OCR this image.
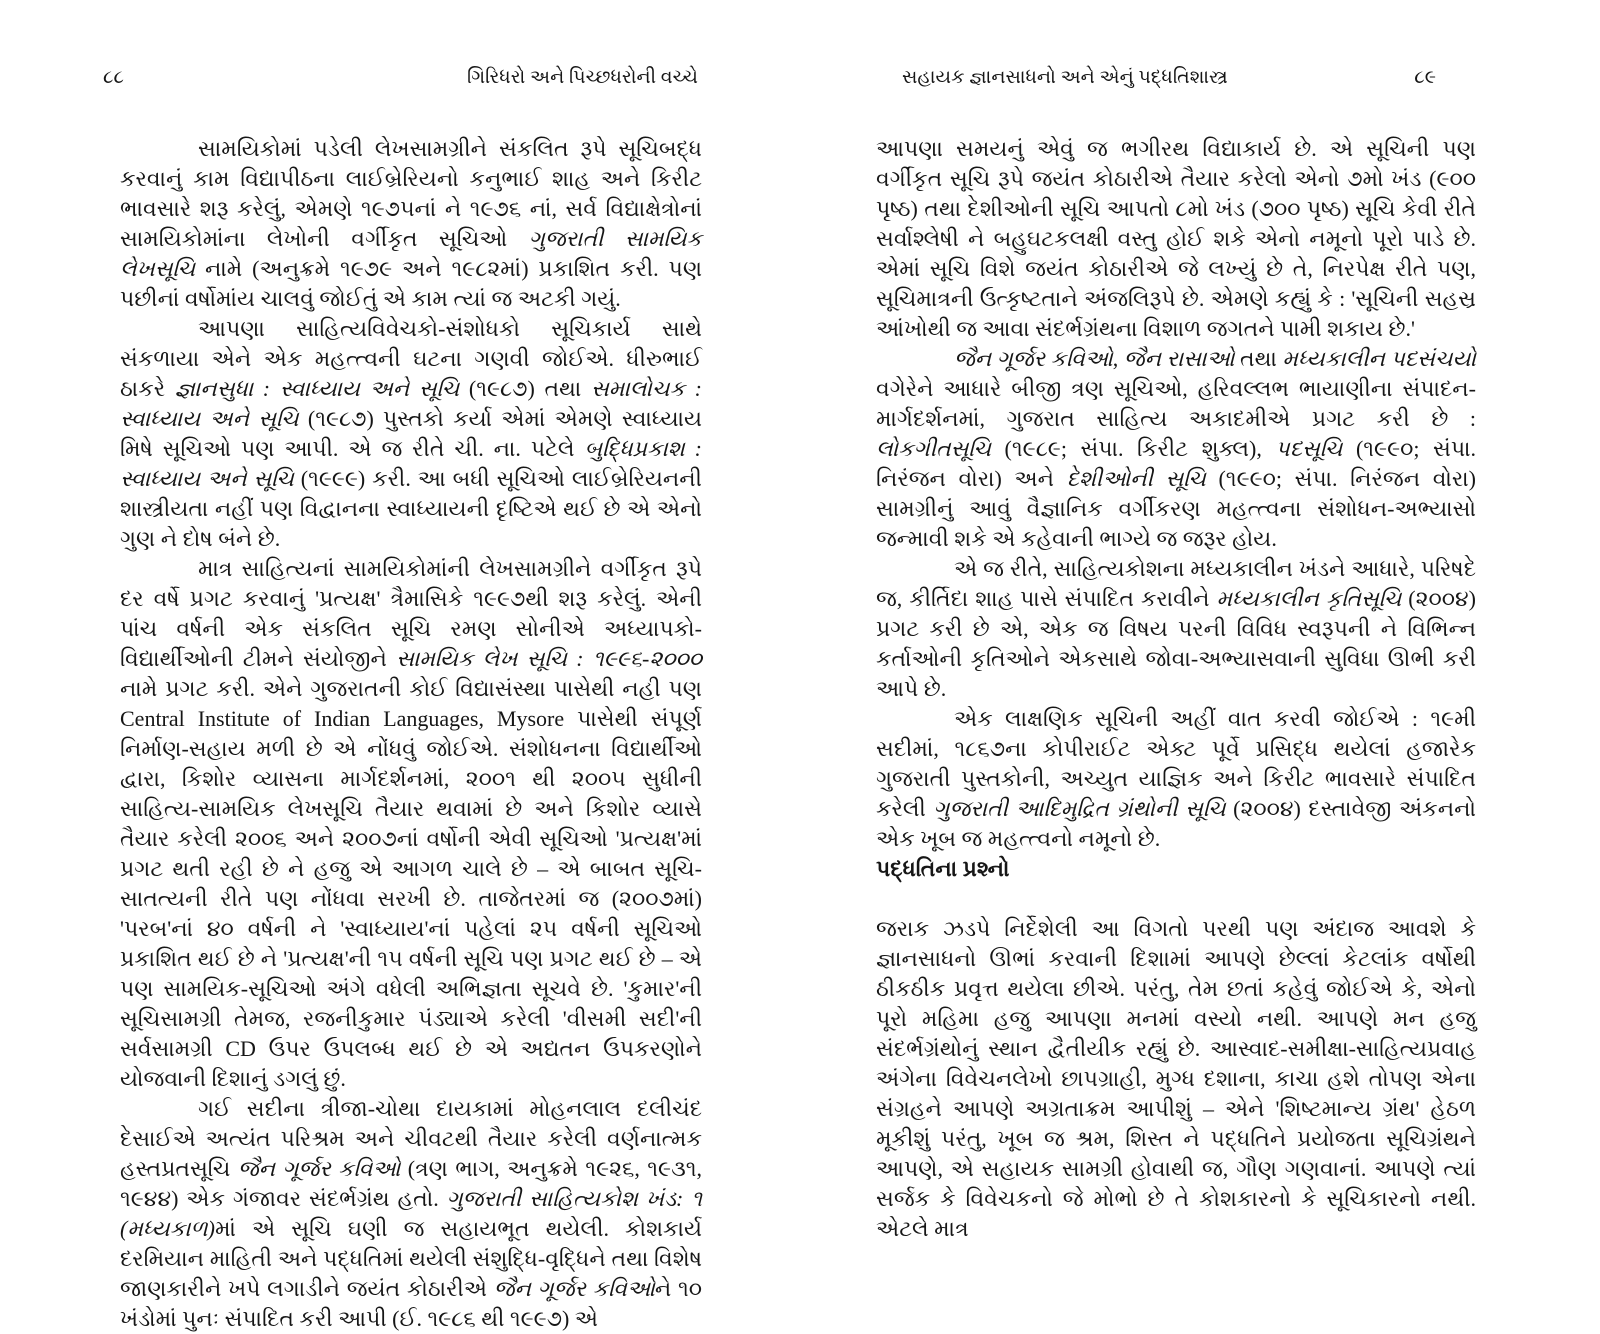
૮૮	ગિરિધરો અને પિચ્છધરોની વચ્ચે

સામયિકોમાં પડેલી લેખસામગ્રીને સંકલિત રૂપે સૂચિબદ્ધ કરવાનું કામ વિદ્યાપીઠના લાઈબ્રેરિયનો કનુભાઈ શાહ અને કિરીટ ભાવસારે શરૂ કરેલું, એમણે ૧૯૭૫નાં ને ૧૯૭૬ નાં, સર્વ વિદ્યાક્ષેત્રોનાં સામયિકોમાંના લેખોની વર્ગીકૃત સૂચિઓ ગુજરાતી સામયિક લેખસૂચિ નામે (અનુક્રમે ૧૯૭૯ અને ૧૯૮૨માં) પ્રકાશિત કરી. પણ પછીનાં વર્ષોમાંય ચાલવું જોઈતું એ કામ ત્યાં જ અટકી ગયું.

આપણા સાહિત્યવિવેચકો-સંશોધકો સૂચિકાર્ય સાથે સંકળાયા એને એક મહત્ત્વની ઘટના ગણવી જોઈએ. ધીરુભાઈ ઠાકરે જ્ઞાનસુધા : સ્વાધ્યાય અને સૂચિ (૧૯૮૭) તથા સમાલોચક : સ્વાધ્યાય અને સૂચિ (૧૯૮૭) પુસ્તકો કર્યા એમાં એમણે સ્વાધ્યાય મિષે સૂચિઓ પણ આપી. એ જ રીતે ચી. ના. પટેલે બુદ્ધિપ્રકાશ : સ્વાધ્યાય અને સૂચિ (૧૯૯૯) કરી. આ બધી સૂચિઓ લાઈબ્રેરિયનની શાસ્ત્રીયતા નહીં પણ વિદ્વાનના સ્વાધ્યાયની દૃષ્ટિએ થઈ છે એ એનો ગુણ ને દોષ બંને છે.

માત્ર સાહિત્યનાં સામયિકોમાંની લેખસામગ્રીને વર્ગીકૃત રૂપે દર વર્ષે પ્રગટ કરવાનું 'પ્રત્યક્ષ' ત્રૈમાસિકે ૧૯૯૭થી શરૂ કરેલું. એની પાંચ વર્ષની એક સંકલિત સૂચિ રમણ સોનીએ અધ્યાપકો-વિદ્યાર્થીઓની ટીમને સંયોજીને સામયિક લેખ સૂચિ : ૧૯૯૬-૨૦૦૦ નામે પ્રગટ કરી. એને ગુજરાતની કોઈ વિદ્યાસંસ્થા પાસેથી નહી પણ Central Institute of Indian Languages, Mysore પાસેથી સંપૂર્ણ નિર્માણ-સહાય મળી છે એ નોંધવું જોઈએ. સંશોધનના વિદ્યાર્થીઓ દ્વારા, કિશોર વ્યાસના માર્ગદર્શનમાં, ૨૦૦૧ થી ૨૦૦૫ સુધીની સાહિત્ય-સામયિક લેખસૂચિ તૈયાર થવામાં છે અને કિશોર વ્યાસે તૈયાર કરેલી ૨૦૦૬ અને ૨૦૦૭નાં વર્ષોની એવી સૂચિઓ 'પ્રત્યક્ષ'માં પ્રગટ થતી રહી છે ને હજુ એ આગળ ચાલે છે – એ બાબત સૂચિ-સાતત્યની રીતે પણ નોંધવા સરખી છે. તાજેતરમાં જ (૨૦૦૭માં) 'પરબ'નાં ૪૦ વર્ષની ને 'સ્વાધ્યાય'નાં પહેલાં ૨૫ વર્ષની સૂચિઓ પ્રકાશિત થઈ છે ને 'પ્રત્યક્ષ'ની ૧૫ વર્ષની સૂચિ પણ પ્રગટ થઈ છે – એ પણ સામયિક-સૂચિઓ અંગે વધેલી અભિજ્ઞતા સૂચવે છે. 'કુમાર'ની સૂચિસામગ્રી તેમજ, રજનીકુમાર પંડ્યાએ કરેલી 'વીસમી સદી'ની સર્વસામગ્રી CD ઉપર ઉપલબ્ધ થઈ છે એ અદ્યતન ઉપકરણોને યોજવાની દિશાનું ડગલું છું.

ગઈ સદીના ત્રીજા-ચોથા દાયકામાં મોહનલાલ દલીચંદ દેસાઈએ અત્યંત પરિશ્રમ અને ચીવટથી તૈયાર કરેલી વર્ણનાત્મક હસ્તપ્રતસૂચિ જૈન ગૂર્જર કવિઓ (ત્રણ ભાગ, અનુક્રમે ૧૯૨૬, ૧૯૩૧, ૧૯૪૪) એક ગંજાવર સંદર્ભગ્રંથ હતો. ગુજરાતી સાહિત્યકોશ ખંડ: ૧ (મધ્યકાળ)માં એ સૂચિ ઘણી જ સહાયભૂત થયેલી. કોશકાર્ય દરમિયાન માહિતી અને પદ્ધતિમાં થયેલી સંશુદ્ધિ-વૃદ્ધિને તથા વિશેષ જાણકારીને ખપે લગાડીને જયંત કોઠારીએ જૈન ગૂર્જર કવિઓને ૧૦ ખંડોમાં પુનઃ સંપાદિત કરી આપી (ઈ. ૧૯૮૬ થી ૧૯૯૭) એ

સહાયક જ્ઞાનસાધનો અને એનું પદ્ધતિશાસ્ત્ર	૮૯

આપણા સમયનું એવું જ ભગીરથ વિદ્યાકાર્ય છે. એ સૂચિની પણ વર્ગીકૃત સૂચિ રૂપે જયંત કોઠારીએ તૈયાર કરેલો એનો ૭મો ખંડ (૯૦૦ પૃષ્ઠ) તથા દેશીઓની સૂચિ આપતો ૮મો ખંડ (૭૦૦ પૃષ્ઠ) સૂચિ કેવી રીતે સર્વાશ્લેષી ને બહુઘટકલક્ષી વસ્તુ હોઈ શકે એનો નમૂનો પૂરો પાડે છે. એમાં સૂચિ વિશે જયંત કોઠારીએ જે લખ્યું છે તે, નિરપેક્ષ રીતે પણ, સૂચિમાત્રની ઉત્કૃષ્ટતાને અંજલિરૂપે છે. એમણે કહ્યું કે : 'સૂચિની સહસ્ર આંખોથી જ આવા સંદર્ભગ્રંથના વિશાળ જગતને પામી શકાય છે.'

જૈન ગૂર્જર કવિઓ, જૈન રાસાઓ તથા મધ્યકાલીન પદસંચયો વગેરેને આધારે બીજી ત્રણ સૂચિઓ, હરિવલ્લભ ભાયાણીના સંપાદન-માર્ગદર્શનમાં, ગુજરાત સાહિત્ય અકાદમીએ પ્રગટ કરી છે : લોકગીતસૂચિ (૧૯૮૯; સંપા. કિરીટ શુક્લ), પદસૂચિ (૧૯૯૦; સંપા. નિરંજન વોરા) અને દેશીઓની સૂચિ (૧૯૯૦; સંપા. નિરંજન વોરા) સામગ્રીનું આવું વૈજ્ઞાનિક વર્ગીકરણ મહત્ત્વના સંશોધન-અભ્યાસો જન્માવી શકે એ કહેવાની ભાગ્યે જ જરૂર હોય.

એ જ રીતે, સાહિત્યકોશના મધ્યકાલીન ખંડને આધારે, પરિષદે જ, કીર્તિદા શાહ પાસે સંપાદિત કરાવીને મધ્યકાલીન કૃતિસૂચિ (૨૦૦૪) પ્રગટ કરી છે એ, એક જ વિષય પરની વિવિધ સ્વરૂપની ને વિભિન્ન કર્તાઓની કૃતિઓને એકસાથે જોવા-અભ્યાસવાની સુવિધા ઊભી કરી આપે છે.

એક લાક્ષણિક સૂચિની અહીં વાત કરવી જોઈએ : ૧૯મી સદીમાં, ૧૮૬૭ના કોપીરાઈટ એક્ટ પૂર્વે પ્રસિદ્ધ થયેલાં હજારેક ગુજરાતી પુસ્તકોની, અચ્યુત યાજ્ઞિક અને કિરીટ ભાવસારે સંપાદિત કરેલી ગુજરાતી આદિમુદ્રિત ગ્રંથોની સૂચિ (૨૦૦૪) દસ્તાવેજી અંકનનો એક ખૂબ જ મહત્ત્વનો નમૂનો છે.

પદ્ધતિના પ્રશ્નો

જરાક ઝડપે નિર્દેશેલી આ વિગતો પરથી પણ અંદાજ આવશે કે જ્ઞાનસાધનો ઊભાં કરવાની દિશામાં આપણે છેલ્લાં કેટલાંક વર્ષોથી ઠીકઠીક પ્રવૃત્ત થયેલા છીએ. પરંતુ, તેમ છતાં કહેવું જોઈએ કે, એનો પૂરો મહિમા હજુ આપણા મનમાં વસ્યો નથી. આપણે મન હજુ સંદર્ભગ્રંથોનું સ્થાન દ્વૈતીયીક રહ્યું છે. આસ્વાદ-સમીક્ષા-સાહિત્યપ્રવાહ અંગેના વિવેચનલેખો છાપગ્રાહી, મુગ્ધ દશાના, કાચા હશે તોપણ એના સંગ્રહને આપણે અગ્રતાક્રમ આપીશું – એને 'શિષ્ટમાન્ય ગ્રંથ' હેઠળ મૂકીશું પરંતુ, ખૂબ જ શ્રમ, શિસ્ત ને પદ્ધતિને પ્રયોજતા સૂચિગ્રંથને આપણે, એ સહાયક સામગ્રી હોવાથી જ, ગૌણ ગણવાનાં. આપણે ત્યાં સર્જક કે વિવેચકનો જે મોભો છે તે કોશકારનો કે સૂચિકારનો નથી. એટલે માત્ર
